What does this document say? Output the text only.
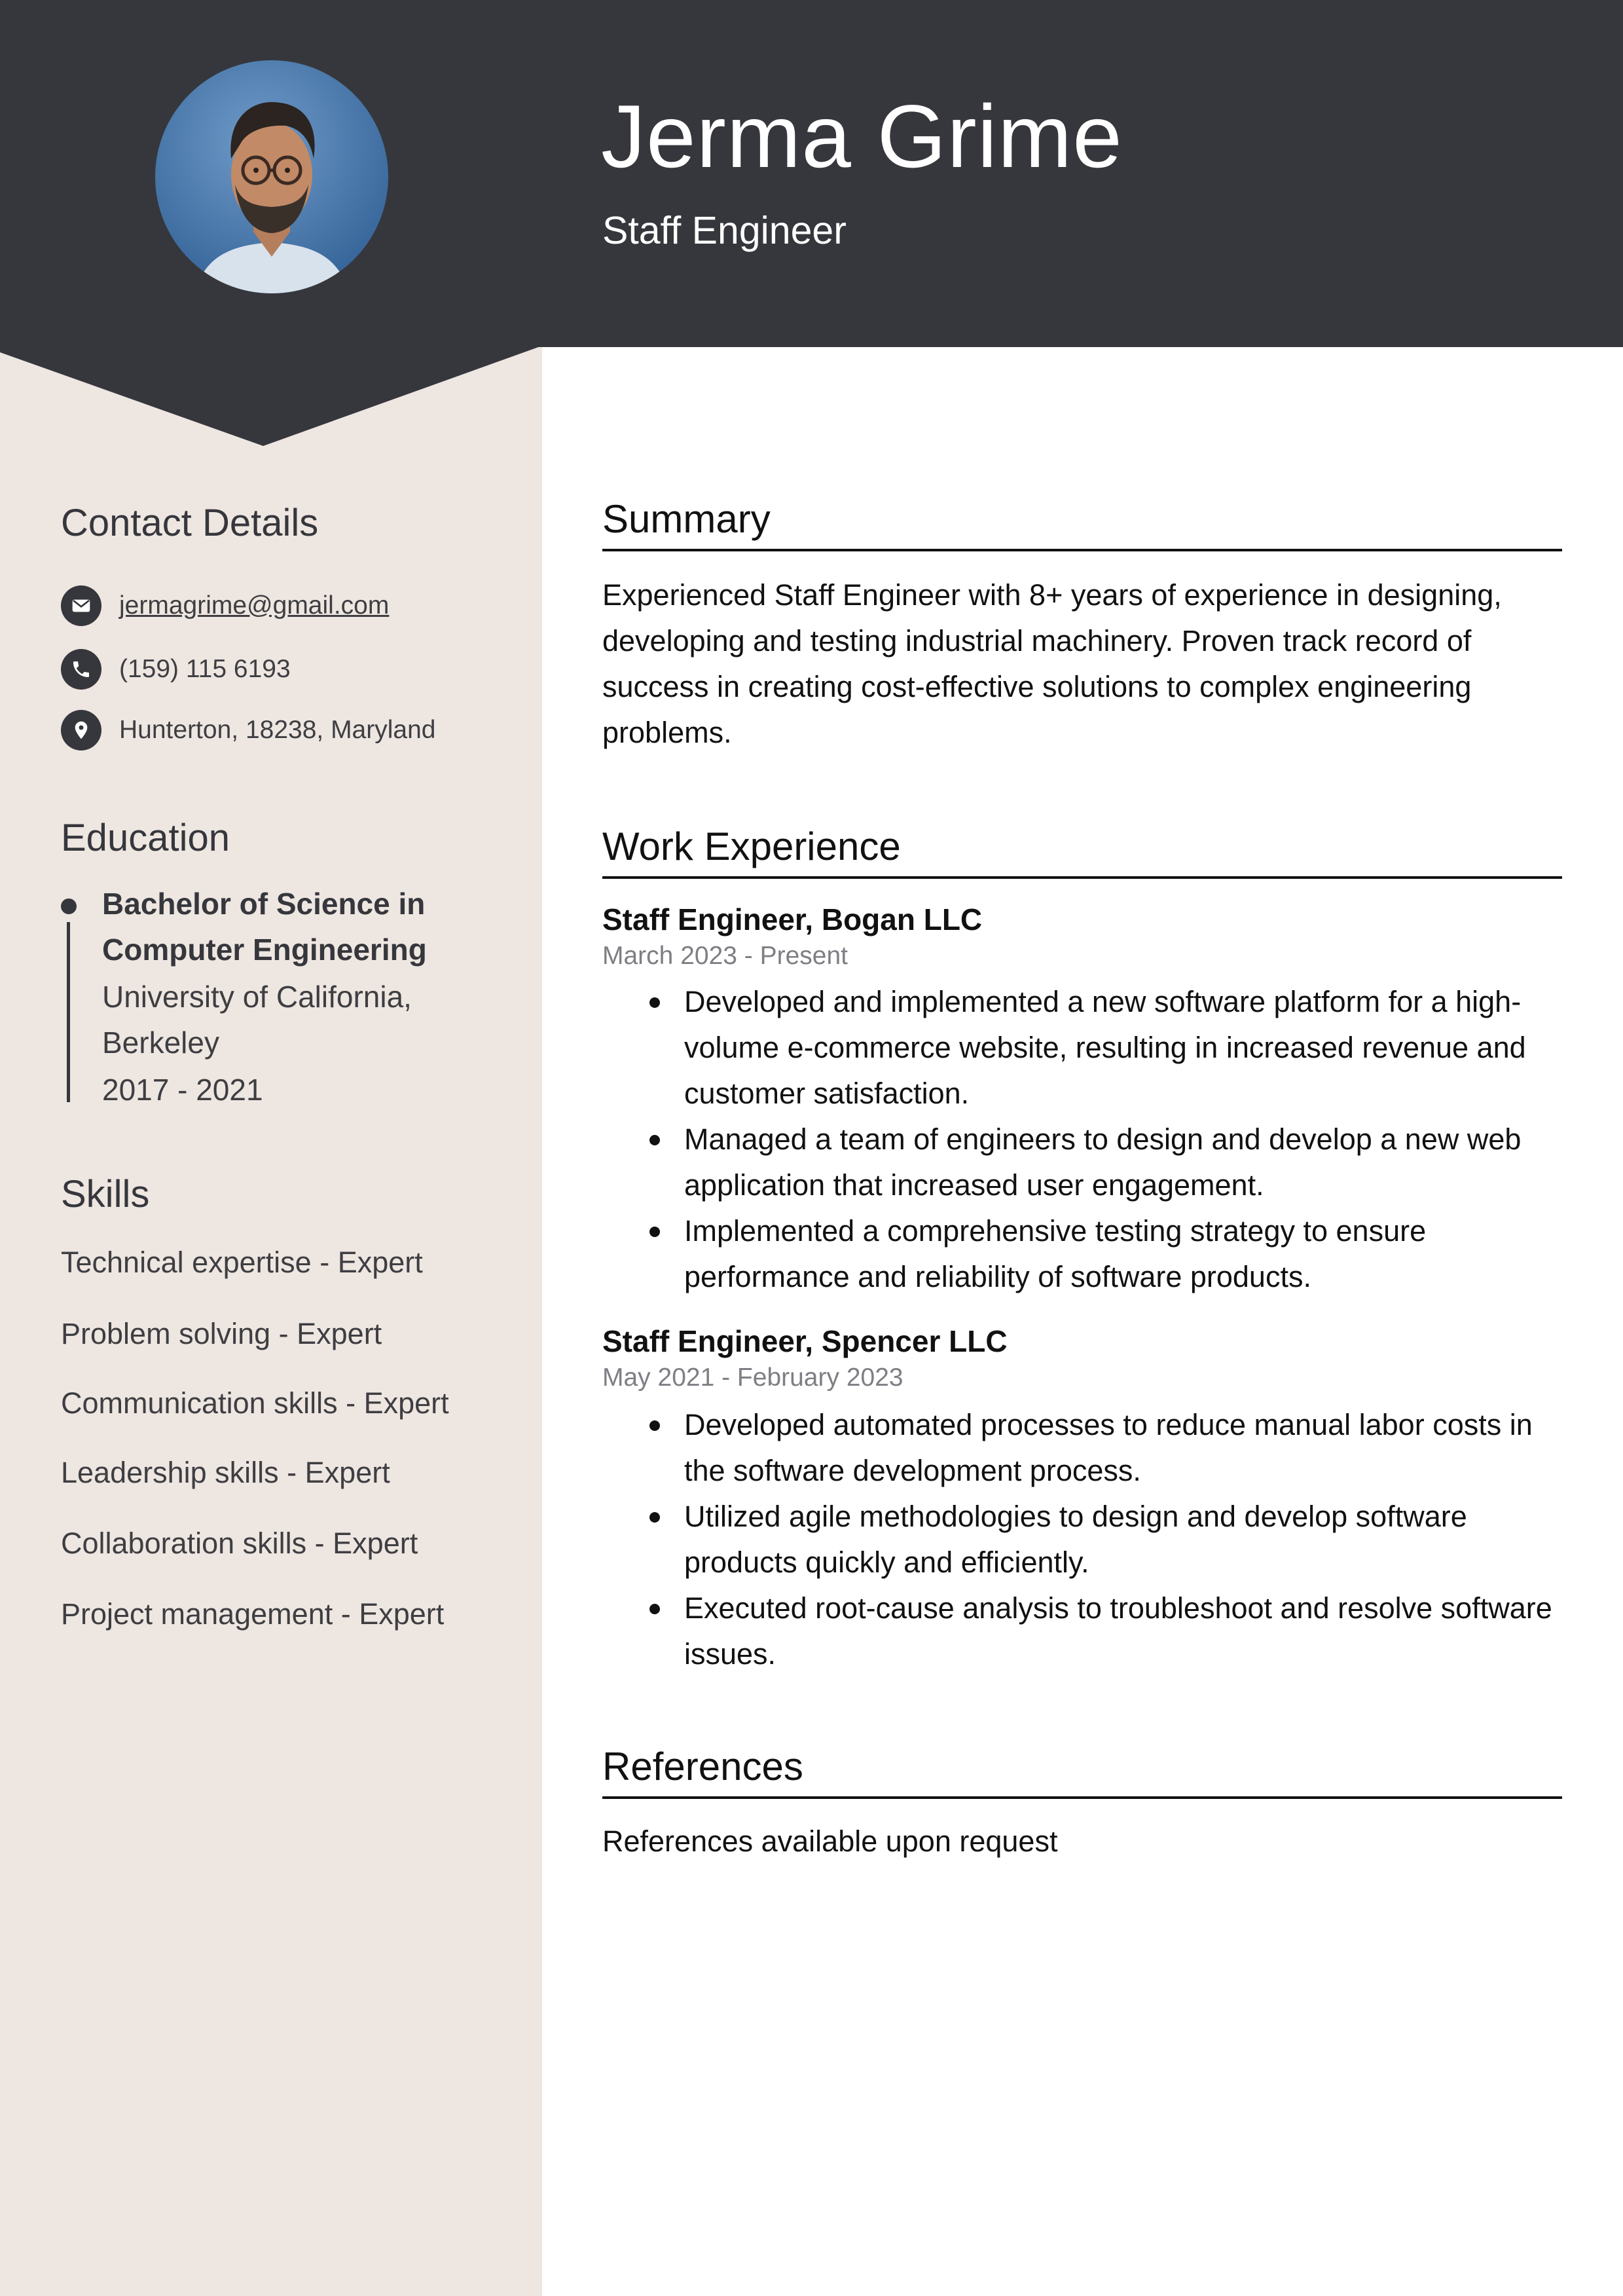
Jerma Grime
Staff Engineer
Contact Details
jermagrime@gmail.com
(159) 115 6193
Hunterton, 18238, Maryland
Education
Bachelor of Science in Computer Engineering
University of California, Berkeley
2017 - 2021
Skills
Technical expertise - Expert
Problem solving - Expert
Communication skills - Expert
Leadership skills - Expert
Collaboration skills - Expert
Project management - Expert
Summary

Experienced Staff Engineer with 8+ years of experience in designing, developing and testing industrial machinery. Proven track record of success in creating cost-effective solutions to complex engineering problems.

Work Experience
Staff Engineer, Bogan LLC
March 2023 - Present
Developed and implemented a new software platform for a high-volume e-commerce website, resulting in increased revenue and customer satisfaction.
Managed a team of engineers to design and develop a new web application that increased user engagement.
Implemented a comprehensive testing strategy to ensure performance and reliability of software products.
Staff Engineer, Spencer LLC
May 2021 - February 2023
Developed automated processes to reduce manual labor costs in the software development process.
Utilized agile methodologies to design and develop software products quickly and efficiently.
Executed root-cause analysis to troubleshoot and resolve software issues.
References

References available upon request
